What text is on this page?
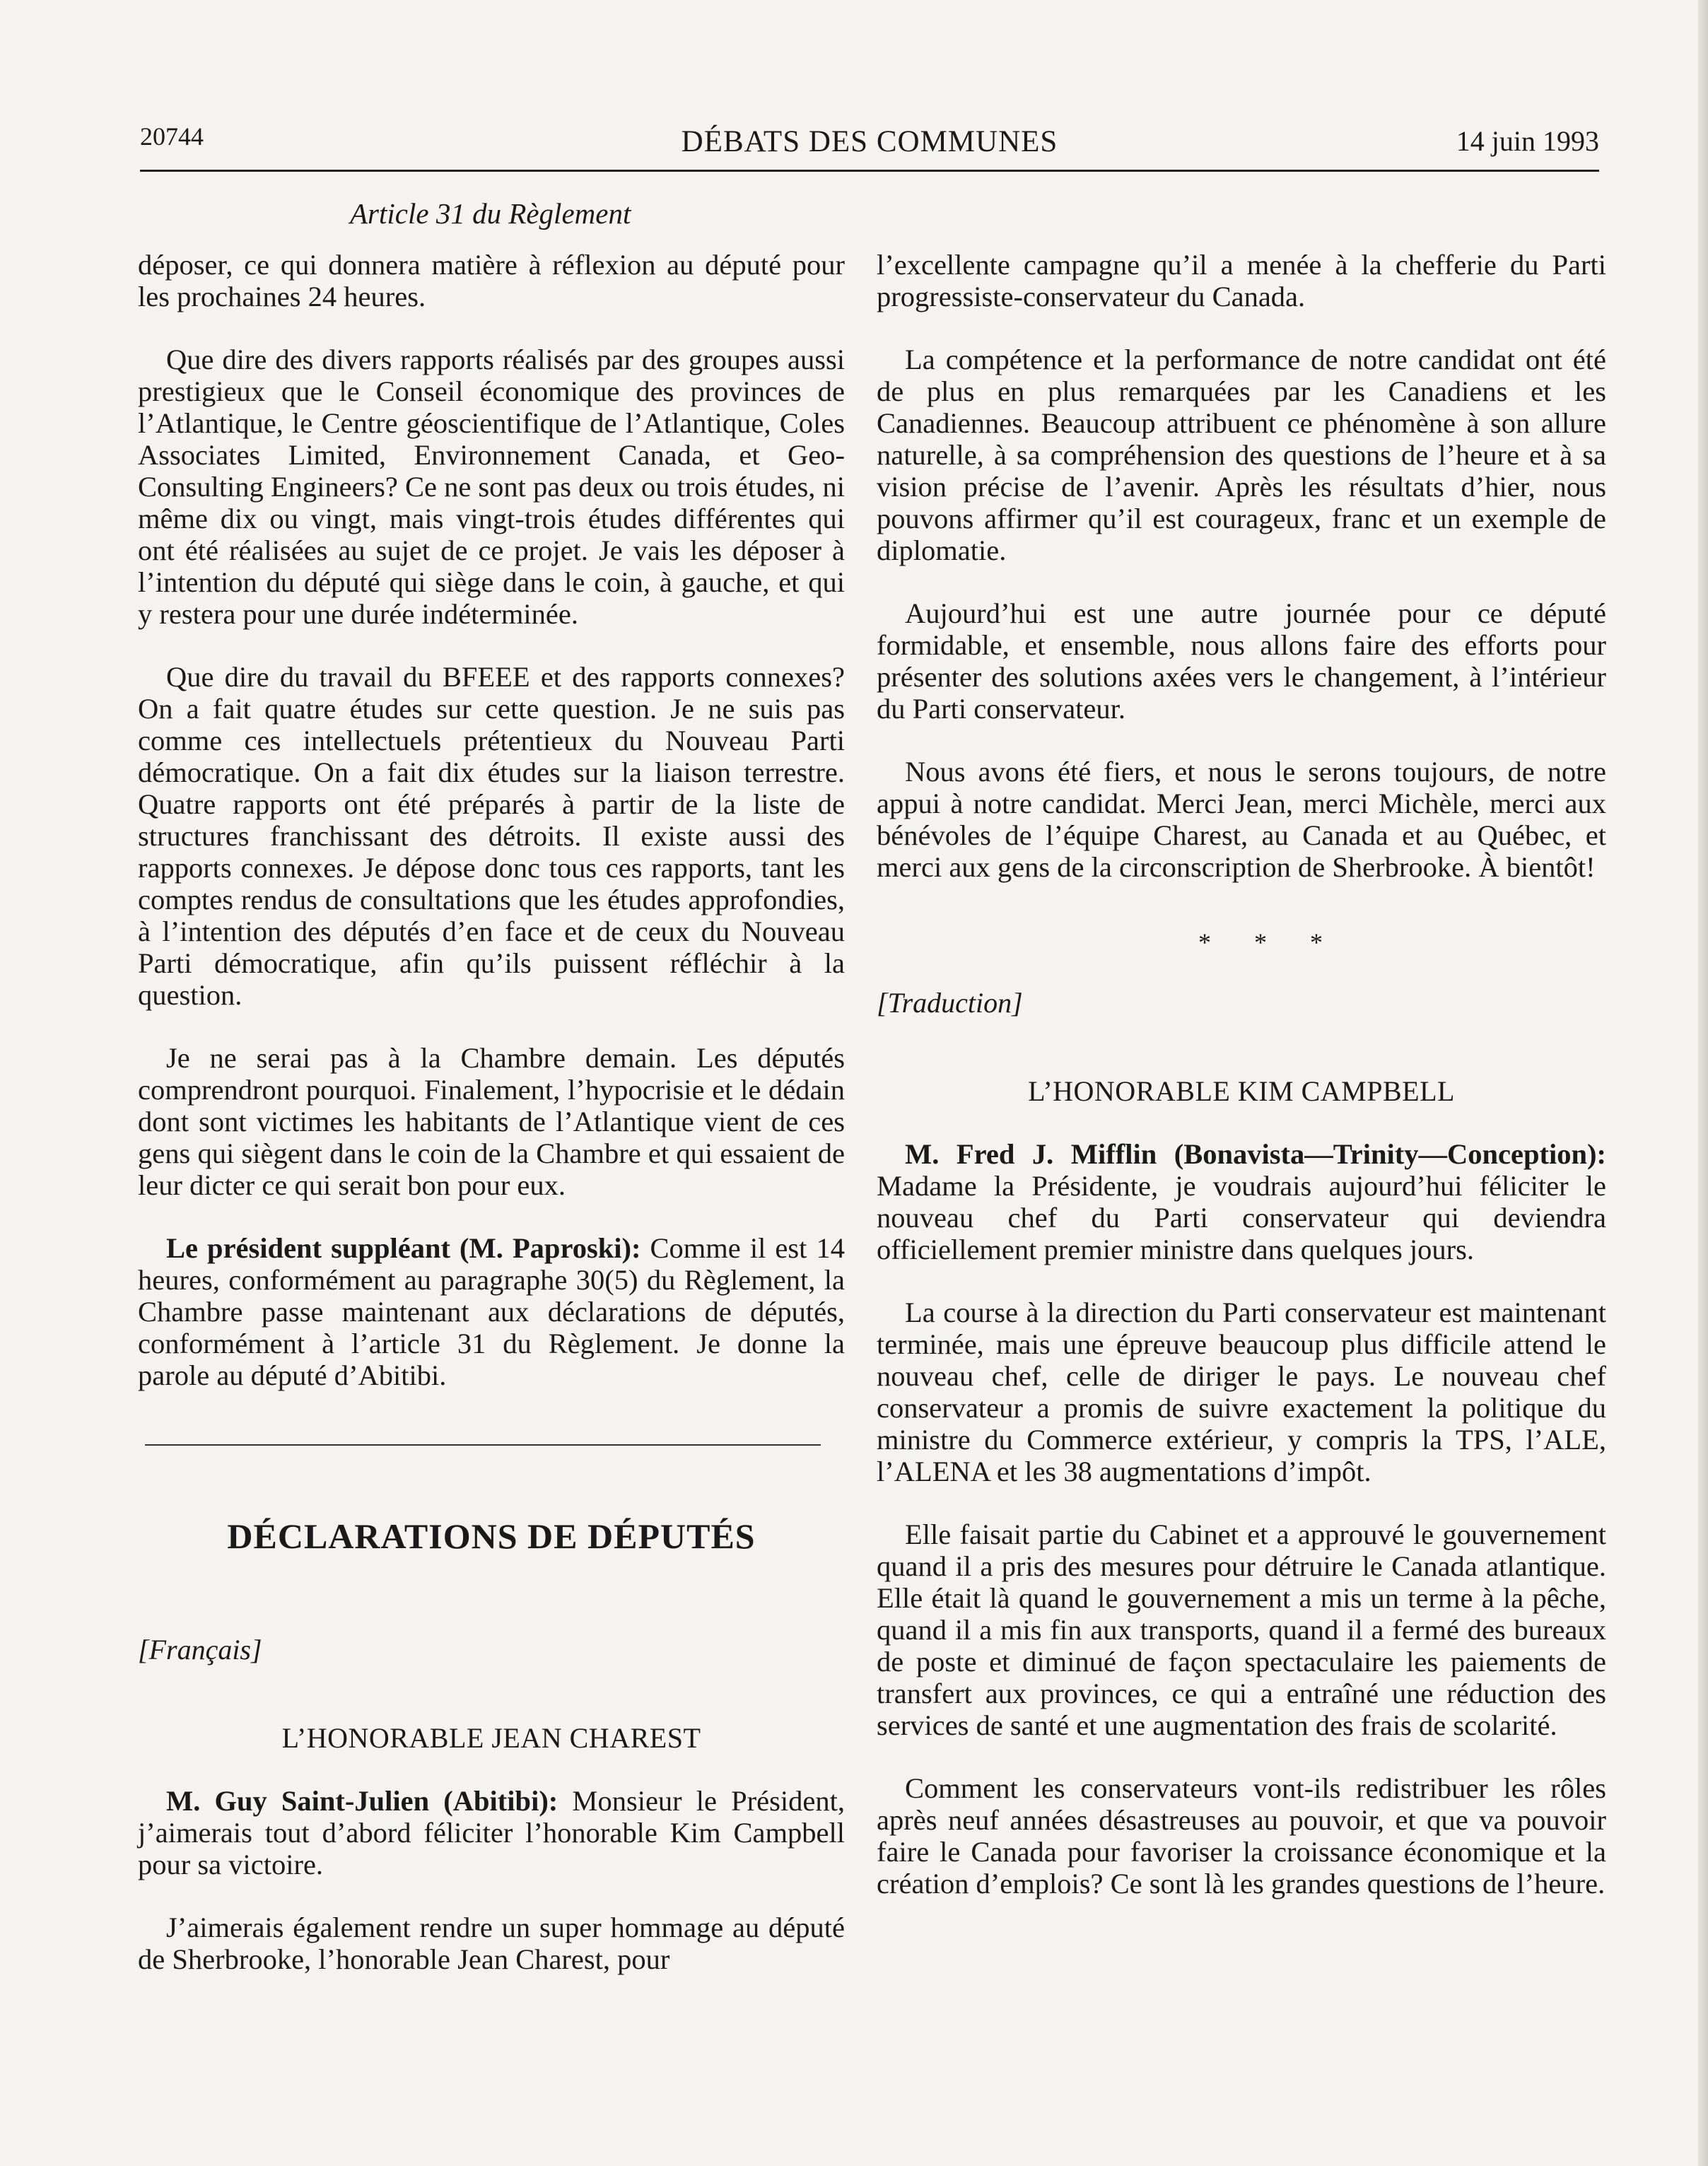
20744	DÉBATS DES COMMUNES	14 juin 1993
Article 31 du Règlement

déposer, ce qui donnera matière à réflexion au député pour les prochaines 24 heures.

Que dire des divers rapports réalisés par des groupes aussi prestigieux que le Conseil économique des provinces de l’Atlantique, le Centre géoscientifique de l’Atlantique, Coles Associates Limited, Environnement Canada, et Geo-Consulting Engineers? Ce ne sont pas deux ou trois études, ni même dix ou vingt, mais vingt-trois études différentes qui ont été réalisées au sujet de ce projet. Je vais les déposer à l’intention du député qui siège dans le coin, à gauche, et qui y restera pour une durée indéterminée.

Que dire du travail du BFEEE et des rapports connexes? On a fait quatre études sur cette question. Je ne suis pas comme ces intellectuels prétentieux du Nouveau Parti démocratique. On a fait dix études sur la liaison terrestre. Quatre rapports ont été préparés à partir de la liste de structures franchissant des détroits. Il existe aussi des rapports connexes. Je dépose donc tous ces rapports, tant les comptes rendus de consultations que les études approfondies, à l’intention des députés d’en face et de ceux du Nouveau Parti démocratique, afin qu’ils puissent réfléchir à la question.

Je ne serai pas à la Chambre demain. Les députés comprendront pourquoi. Finalement, l’hypocrisie et le dédain dont sont victimes les habitants de l’Atlantique vient de ces gens qui siègent dans le coin de la Chambre et qui essaient de leur dicter ce qui serait bon pour eux.

Le président suppléant (M. Paproski): Comme il est 14 heures, conformément au paragraphe 30(5) du Règlement, la Chambre passe maintenant aux déclarations de députés, conformément à l’article 31 du Règlement. Je donne la parole au député d’Abitibi.

DÉCLARATIONS DE DÉPUTÉS
[Français]
L’HONORABLE JEAN CHAREST

M. Guy Saint-Julien (Abitibi): Monsieur le Président, j’aimerais tout d’abord féliciter l’honorable Kim Campbell pour sa victoire.

J’aimerais également rendre un super hommage au député de Sherbrooke, l’honorable Jean Charest, pour

l’excellente campagne qu’il a menée à la chefferie du Parti progressiste-conservateur du Canada.

La compétence et la performance de notre candidat ont été de plus en plus remarquées par les Canadiens et les Canadiennes. Beaucoup attribuent ce phénomène à son allure naturelle, à sa compréhension des questions de l’heure et à sa vision précise de l’avenir. Après les résultats d’hier, nous pouvons affirmer qu’il est courageux, franc et un exemple de diplomatie.

Aujourd’hui est une autre journée pour ce député formidable, et ensemble, nous allons faire des efforts pour présenter des solutions axées vers le changement, à l’intérieur du Parti conservateur.

Nous avons été fiers, et nous le serons toujours, de notre appui à notre candidat. Merci Jean, merci Michèle, merci aux bénévoles de l’équipe Charest, au Canada et au Québec, et merci aux gens de la circonscription de Sherbrooke. À bientôt!

* * *
[Traduction]
L’HONORABLE KIM CAMPBELL

M. Fred J. Mifflin (Bonavista—Trinity—Conception): Madame la Présidente, je voudrais aujourd’hui féliciter le nouveau chef du Parti conservateur qui deviendra officiellement premier ministre dans quelques jours.

La course à la direction du Parti conservateur est maintenant terminée, mais une épreuve beaucoup plus difficile attend le nouveau chef, celle de diriger le pays. Le nouveau chef conservateur a promis de suivre exactement la politique du ministre du Commerce extérieur, y compris la TPS, l’ALE, l’ALENA et les 38 augmentations d’impôt.

Elle faisait partie du Cabinet et a approuvé le gouvernement quand il a pris des mesures pour détruire le Canada atlantique. Elle était là quand le gouvernement a mis un terme à la pêche, quand il a mis fin aux transports, quand il a fermé des bureaux de poste et diminué de façon spectaculaire les paiements de transfert aux provinces, ce qui a entraîné une réduction des services de santé et une augmentation des frais de scolarité.

Comment les conservateurs vont-ils redistribuer les rôles après neuf années désastreuses au pouvoir, et que va pouvoir faire le Canada pour favoriser la croissance économique et la création d’emplois? Ce sont là les grandes questions de l’heure.
